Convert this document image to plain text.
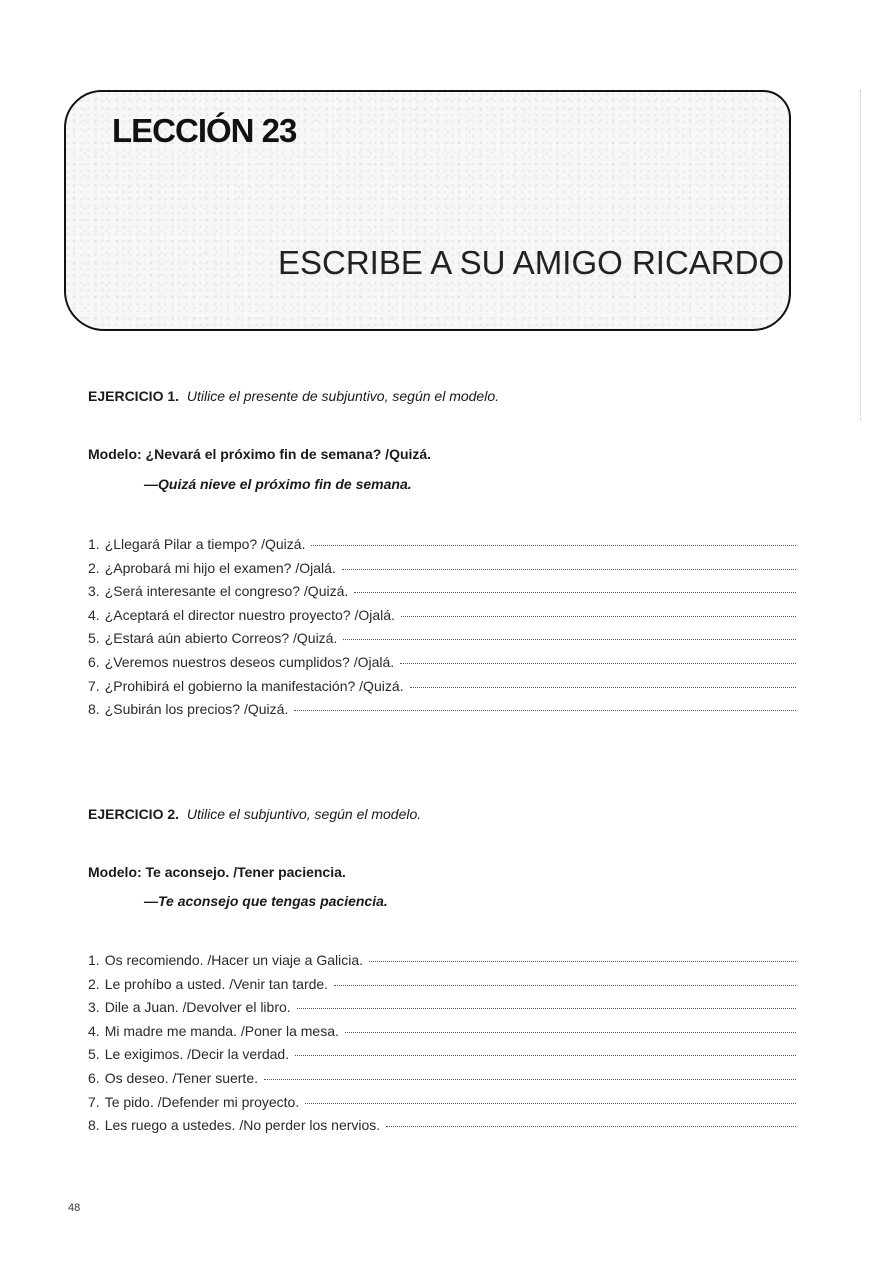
LECCIÓN 23
ESCRIBE A SU AMIGO RICARDO
EJERCICIO 1. Utilice el presente de subjuntivo, según el modelo.
Modelo: ¿Nevará el próximo fin de semana? /Quizá.
—Quizá nieve el próximo fin de semana.
1. ¿Llegará Pilar a tiempo? /Quizá.
2. ¿Aprobará mi hijo el examen? /Ojalá.
3. ¿Será interesante el congreso? /Quizá.
4. ¿Aceptará el director nuestro proyecto? /Ojalá.
5. ¿Estará aún abierto Correos? /Quizá.
6. ¿Veremos nuestros deseos cumplidos? /Ojalá.
7. ¿Prohibirá el gobierno la manifestación? /Quizá.
8. ¿Subirán los precios? /Quizá.
EJERCICIO 2. Utilice el subjuntivo, según el modelo.
Modelo: Te aconsejo. /Tener paciencia.
—Te aconsejo que tengas paciencia.
1. Os recomiendo. /Hacer un viaje a Galicia.
2. Le prohíbo a usted. /Venir tan tarde.
3. Dile a Juan. /Devolver el libro.
4. Mi madre me manda. /Poner la mesa.
5. Le exigimos. /Decir la verdad.
6. Os deseo. /Tener suerte.
7. Te pido. /Defender mi proyecto.
8. Les ruego a ustedes. /No perder los nervios.
48
